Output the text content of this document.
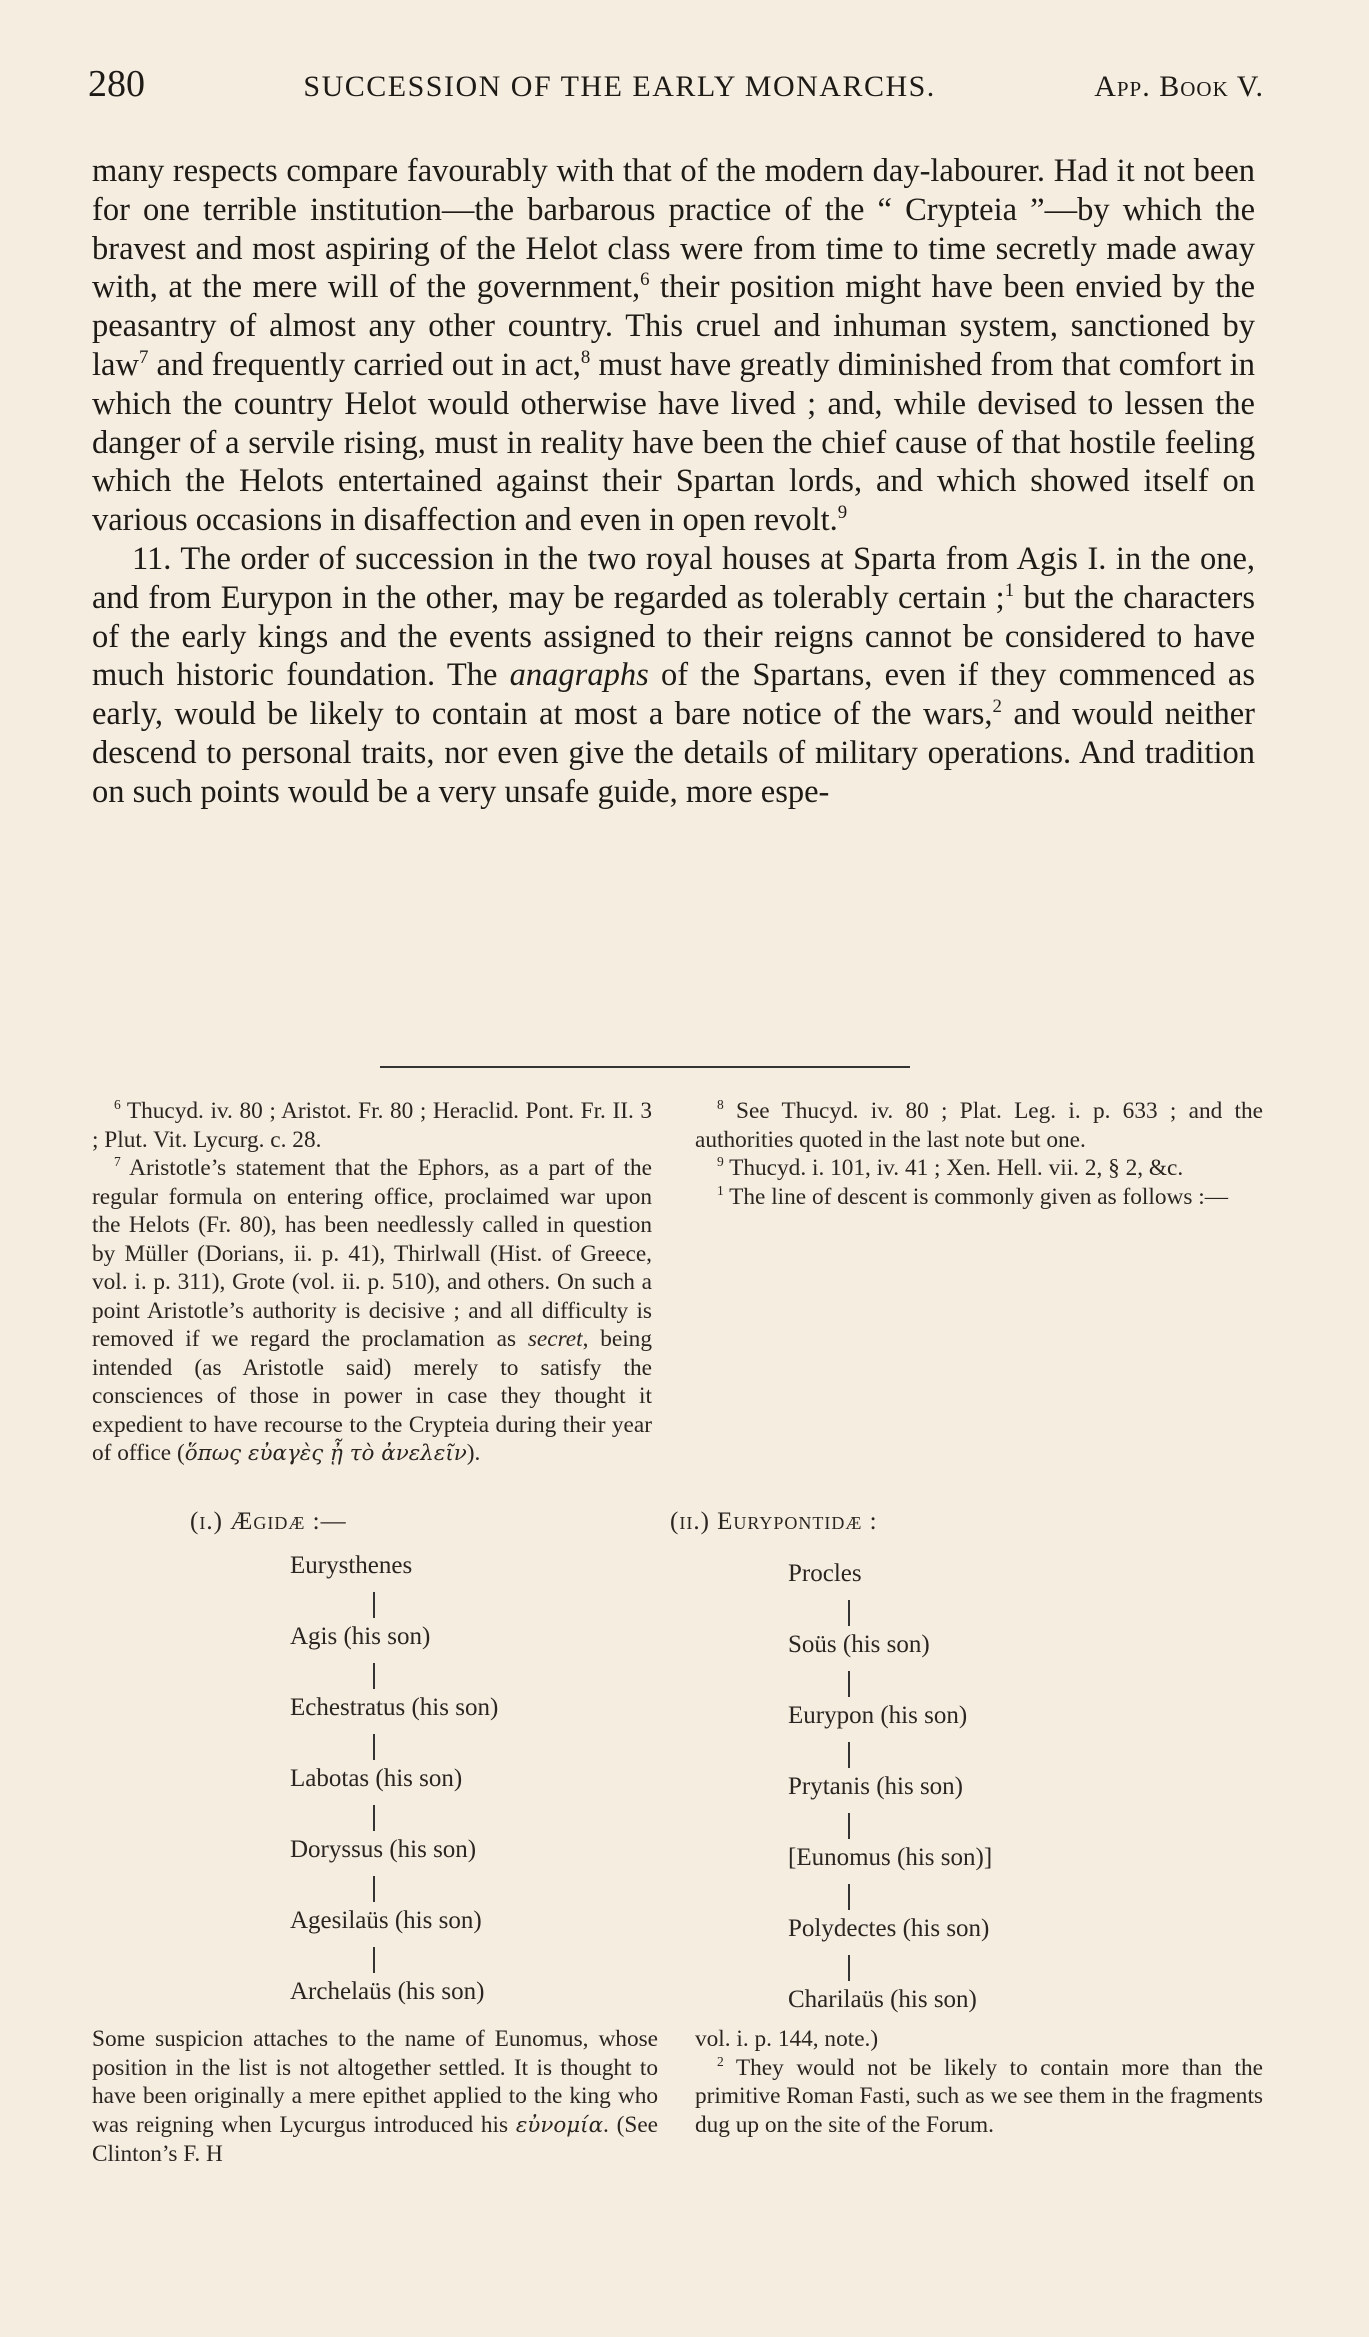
280	SUCCESSION OF THE EARLY MONARCHS.	App. Book V.

many respects compare favourably with that of the modern day-labourer. Had it not been for one terrible institution—the barbarous practice of the “ Crypteia ”—by which the bravest and most aspiring of the Helot class were from time to time secretly made away with, at the mere will of the government,$^6$ their position might have been envied by the peasantry of almost any other country. This cruel and inhuman system, sanctioned by law$^7$ and frequently carried out in act,$^8$ must have greatly diminished from that comfort in which the country Helot would otherwise have lived ; and, while devised to lessen the danger of a servile rising, must in reality have been the chief cause of that hostile feeling which the Helots entertained against their Spartan lords, and which showed itself on various occasions in disaffection and even in open revolt.$^9$

11. The order of succession in the two royal houses at Sparta from Agis I. in the one, and from Eurypon in the other, may be regarded as tolerably certain ;$^1$ but the characters of the early kings and the events assigned to their reigns cannot be considered to have much historic foundation. The anagraphs of the Spartans, even if they commenced as early, would be likely to contain at most a bare notice of the wars,$^2$ and would neither descend to personal traits, nor even give the details of military operations. And tradition on such points would be a very unsafe guide, more espe-

$^6$ Thucyd. iv. 80 ; Aristot. Fr. 80 ; Heraclid. Pont. Fr. II. 3 ; Plut. Vit. Lycurg. c. 28.

$^7$ Aristotle’s statement that the Ephors, as a part of the regular formula on entering office, proclaimed war upon the Helots (Fr. 80), has been needlessly called in question by Müller (Dorians, ii. p. 41), Thirlwall (Hist. of Greece, vol. i. p. 311), Grote (vol. ii. p. 510), and others. On such a point Aristotle’s authority is decisive ; and all difficulty is removed if we regard the proclamation as secret, being intended (as Aristotle said) merely to satisfy the consciences of those in power in case they thought it expedient to have recourse to the Crypteia during their year of office (ὅπως εὐαγὲς ᾖ τὸ ἀνελεῖν).

$^8$ See Thucyd. iv. 80 ; Plat. Leg. i. p. 633 ; and the authorities quoted in the last note but one.

$^9$ Thucyd. i. 101, iv. 41 ; Xen. Hell. vii. 2, § 2, &c.

$^1$ The line of descent is commonly given as follows :—

(i.) Ægidæ :—
Eurysthenes
Agis (his son)
Echestratus (his son)
Labotas (his son)
Doryssus (his son)
Agesilaüs (his son)
Archelaüs (his son)
(ii.) Eurypontidæ :
Procles
Soüs (his son)
Eurypon (his son)
Prytanis (his son)
[Eunomus (his son)]
Polydectes (his son)
Charilaüs (his son)

Some suspicion attaches to the name of Eunomus, whose position in the list is not altogether settled. It is thought to have been originally a mere epithet applied to the king who was reigning when Lycurgus introduced his εὐνομία. (See Clinton’s F. H

vol. i. p. 144, note.)

$^2$ They would not be likely to contain more than the primitive Roman Fasti, such as we see them in the fragments dug up on the site of the Forum.
